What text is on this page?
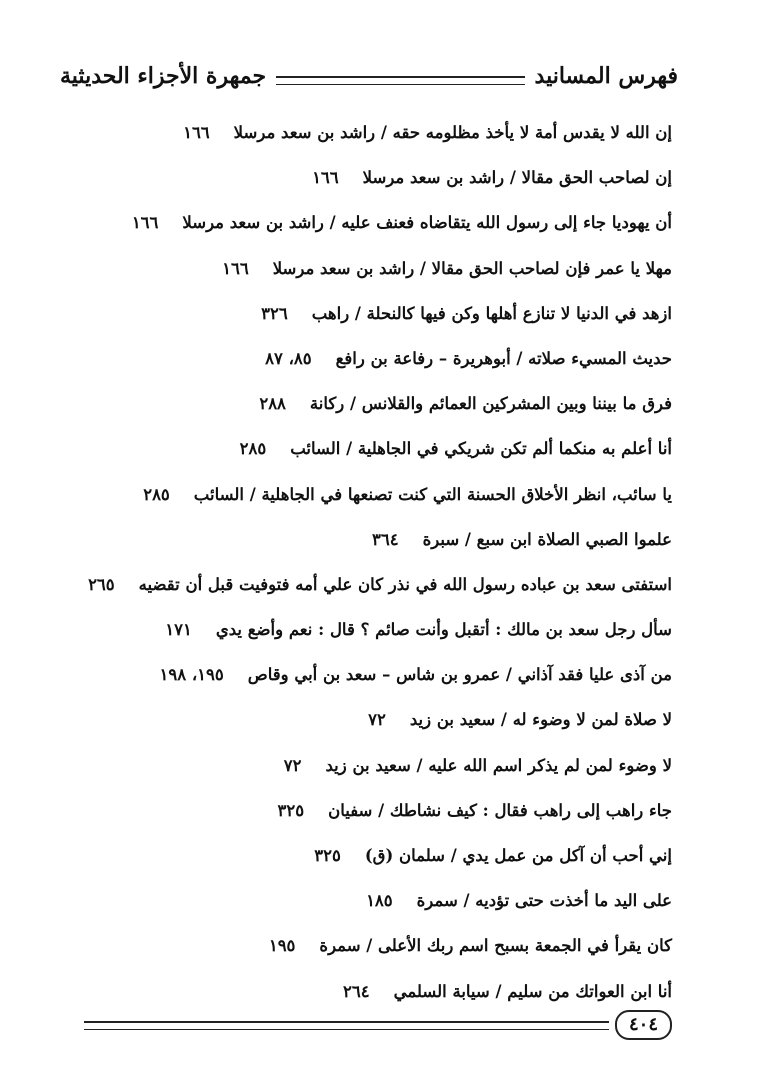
فهرس المسانيد
جمهرة الأجزاء الحديثية
إن الله لا يقدس أمة لا يأخذ مظلومه حقه / راشد بن سعد مرسلا١٦٦
إن لصاحب الحق مقالا / راشد بن سعد مرسلا١٦٦
أن يهوديا جاء إلى رسول الله يتقاضاه فعنف عليه / راشد بن سعد مرسلا١٦٦
مهلا يا عمر فإن لصاحب الحق مقالا / راشد بن سعد مرسلا١٦٦
ازهد في الدنيا لا تنازع أهلها وكن فيها كالنحلة / راهب٣٢٦
حديث المسيء صلاته / أبوهريرة – رفاعة بن رافع٨٥، ٨٧
فرق ما بيننا وبين المشركين العمائم والقلانس / ركانة٢٨٨
أنا أعلم به منكما ألم تكن شريكي في الجاهلية / السائب٢٨٥
يا سائب، انظر الأخلاق الحسنة التي كنت تصنعها في الجاهلية / السائب٢٨٥
علموا الصبي الصلاة ابن سبع / سبرة٣٦٤
استفتى سعد بن عباده رسول الله في نذر كان علي أمه فتوفيت قبل أن تقضيه٢٦٥
سأل رجل سعد بن مالك : أتقبل وأنت صائم ؟ قال : نعم وأضع يدي١٧١
من آذى عليا فقد آذاني / عمرو بن شاس – سعد بن أبي وقاص١٩٥، ١٩٨
لا صلاة لمن لا وضوء له / سعيد بن زيد٧٢
لا وضوء لمن لم يذكر اسم الله عليه / سعيد بن زيد٧٢
جاء راهب إلى راهب فقال : كيف نشاطك / سفيان٣٢٥
إني أحب أن آكل من عمل يدي / سلمان (ق)٣٢٥
على اليد ما أخذت حتى تؤديه / سمرة١٨٥
كان يقرأ في الجمعة بسبح اسم ربك الأعلى / سمرة١٩٥
أنا ابن العواتك من سليم / سيابة السلمي٢٦٤
٤٠٤
